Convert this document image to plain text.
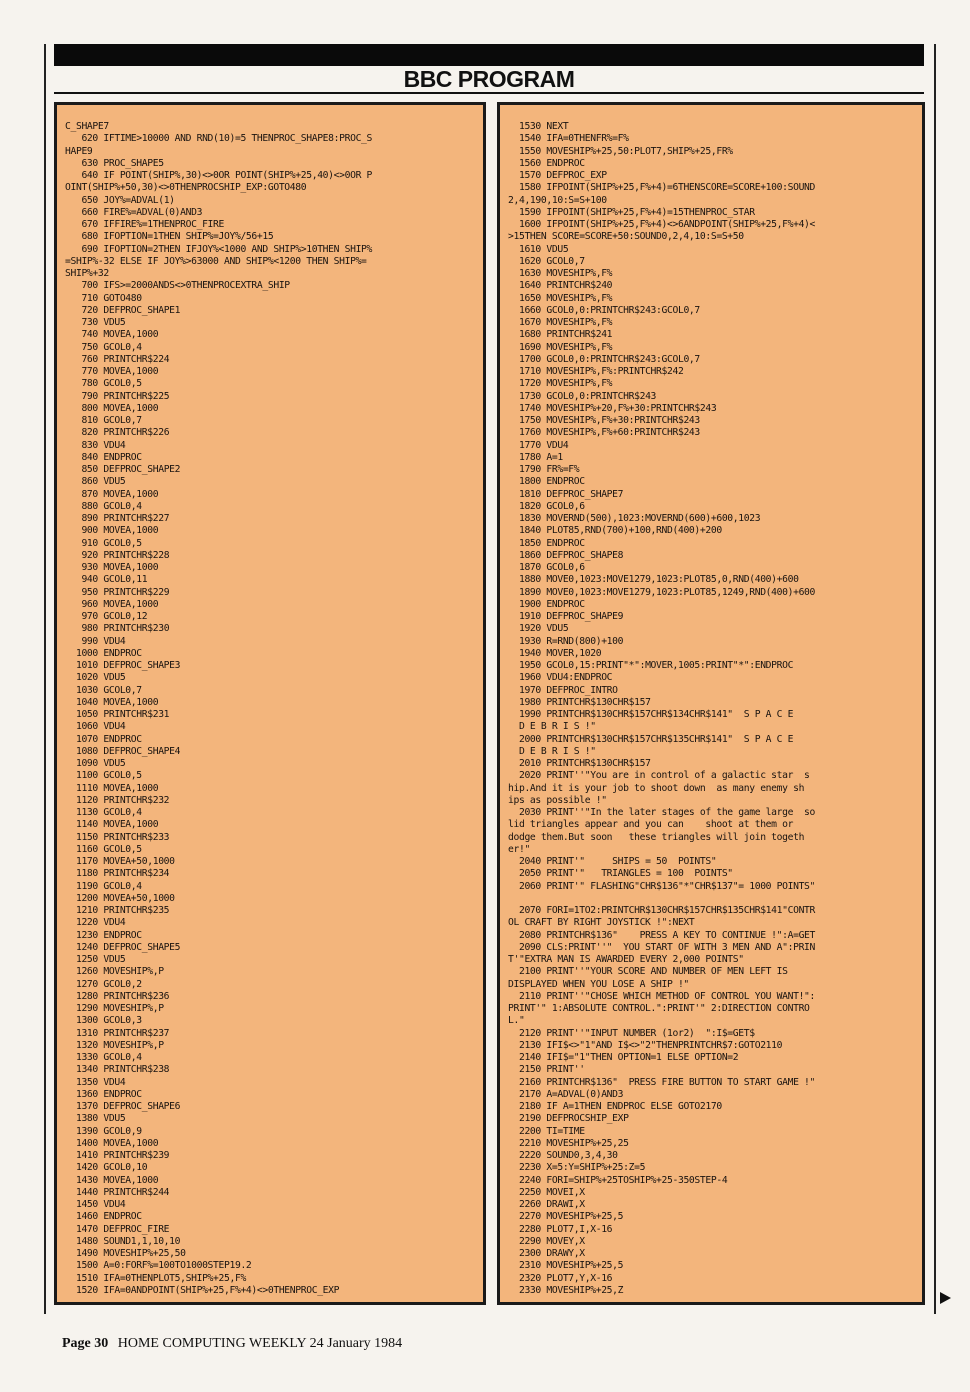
BBC PROGRAM
C_SHAPE7
620 IFTIME>10000 AND RND(10)=5 THENPROC_SHAPE8:PROC_S
HAPE9
630 PROC_SHAPE5
640 IF POINT(SHIP%,30)<>0OR POINT(SHIP%+25,40)<>0OR P
OINT(SHIP%+50,30)<>0THENPROCSHIP_EXP:GOTO480
650 JOY%=ADVAL(1)
660 FIRE%=ADVAL(0)AND3
670 IFFIRE%=1THENPROC_FIRE
680 IFOPTION=1THEN SHIP%=JOY%/56+15
690 IFOPTION=2THEN IFJOY%<1000 AND SHIP%>10THEN SHIP%
=SHIP%-32 ELSE IF JOY%>63000 AND SHIP%<1200 THEN SHIP%=
SHIP%+32
700 IFS>=2000ANDS<>0THENPROCEXTRA_SHIP
710 GOTO480
720 DEFPROC_SHAPE1
730 VDU5
740 MOVEA,1000
750 GCOL0,4
760 PRINTCHR$224
770 MOVEA,1000
780 GCOL0,5
790 PRINTCHR$225
800 MOVEA,1000
810 GCOL0,7
820 PRINTCHR$226
830 VDU4
840 ENDPROC
850 DEFPROC_SHAPE2
860 VDU5
870 MOVEA,1000
880 GCOL0,4
890 PRINTCHR$227
900 MOVEA,1000
910 GCOL0,5
920 PRINTCHR$228
930 MOVEA,1000
940 GCOL0,11
950 PRINTCHR$229
960 MOVEA,1000
970 GCOL0,12
980 PRINTCHR$230
990 VDU4
1000 ENDPROC
1010 DEFPROC_SHAPE3
1020 VDU5
1030 GCOL0,7
1040 MOVEA,1000
1050 PRINTCHR$231
1060 VDU4
1070 ENDPROC
1080 DEFPROC_SHAPE4
1090 VDU5
1100 GCOL0,5
1110 MOVEA,1000
1120 PRINTCHR$232
1130 GCOL0,4
1140 MOVEA,1000
1150 PRINTCHR$233
1160 GCOL0,5
1170 MOVEA+50,1000
1180 PRINTCHR$234
1190 GCOL0,4
1200 MOVEA+50,1000
1210 PRINTCHR$235
1220 VDU4
1230 ENDPROC
1240 DEFPROC_SHAPE5
1250 VDU5
1260 MOVESHIP%,P
1270 GCOL0,2
1280 PRINTCHR$236
1290 MOVESHIP%,P
1300 GCOL0,3
1310 PRINTCHR$237
1320 MOVESHIP%,P
1330 GCOL0,4
1340 PRINTCHR$238
1350 VDU4
1360 ENDPROC
1370 DEFPROC_SHAPE6
1380 VDU5
1390 GCOL0,9
1400 MOVEA,1000
1410 PRINTCHR$239
1420 GCOL0,10
1430 MOVEA,1000
1440 PRINTCHR$244
1450 VDU4
1460 ENDPROC
1470 DEFPROC_FIRE
1480 SOUND1,1,10,10
1490 MOVESHIP%+25,50
1500 A=0:FORF%=100TO1000STEP19.2
1510 IFA=0THENPLOT5,SHIP%+25,F%
1520 IFA=0ANDPOINT(SHIP%+25,F%+4)<>0THENPROC_EXP
1530 NEXT
1540 IFA=0THENFR%=F%
1550 MOVESHIP%+25,50:PLOT7,SHIP%+25,FR%
1560 ENDPROC
1570 DEFPROC_EXP
1580 IFPOINT(SHIP%+25,F%+4)=6THENSCORE=SCORE+100:SOUND
2,4,190,10:S=S+100
1590 IFPOINT(SHIP%+25,F%+4)=15THENPROC_STAR
1600 IFPOINT(SHIP%+25,F%+4)<>6ANDPOINT(SHIP%+25,F%+4)<
>15THEN SCORE=SCORE+50:SOUND0,2,4,10:S=S+50
1610 VDU5
1620 GCOL0,7
1630 MOVESHIP%,F%
1640 PRINTCHR$240
1650 MOVESHIP%,F%
1660 GCOL0,0:PRINTCHR$243:GCOL0,7
1670 MOVESHIP%,F%
1680 PRINTCHR$241
1690 MOVESHIP%,F%
1700 GCOL0,0:PRINTCHR$243:GCOL0,7
1710 MOVESHIP%,F%:PRINTCHR$242
1720 MOVESHIP%,F%
1730 GCOL0,0:PRINTCHR$243
1740 MOVESHIP%+20,F%+30:PRINTCHR$243
1750 MOVESHIP%,F%+30:PRINTCHR$243
1760 MOVESHIP%,F%+60:PRINTCHR$243
1770 VDU4
1780 A=1
1790 FR%=F%
1800 ENDPROC
1810 DEFPROC_SHAPE7
1820 GCOL0,6
1830 MOVERND(500),1023:MOVERND(600)+600,1023
1840 PLOT85,RND(700)+100,RND(400)+200
1850 ENDPROC
1860 DEFPROC_SHAPE8
1870 GCOL0,6
1880 MOVE0,1023:MOVE1279,1023:PLOT85,0,RND(400)+600
1890 MOVE0,1023:MOVE1279,1023:PLOT85,1249,RND(400)+600
1900 ENDPROC
1910 DEFPROC_SHAPE9
1920 VDU5
1930 R=RND(800)+100
1940 MOVER,1020
1950 GCOL0,15:PRINT"*":MOVER,1005:PRINT"*":ENDPROC
1960 VDU4:ENDPROC
1970 DEFPROC_INTRO
1980 PRINTCHR$130CHR$157
1990 PRINTCHR$130CHR$157CHR$134CHR$141"  S P A C E
D E B R I S !"
2000 PRINTCHR$130CHR$157CHR$135CHR$141"  S P A C E
D E B R I S !"
2010 PRINTCHR$130CHR$157
2020 PRINT''"You are in control of a galactic star  s
hip.And it is your job to shoot down  as many enemy sh
ips as possible !"
2030 PRINT''"In the later stages of the game large  so
lid triangles appear and you can    shoot at them or
dodge them.But soon   these triangles will join togeth
er!"
2040 PRINT'"     SHIPS = 50  POINTS"
2050 PRINT'"   TRIANGLES = 100  POINTS"
2060 PRINT'" FLASHING"CHR$136"*"CHR$137"= 1000 POINTS"

2070 FORI=1TO2:PRINTCHR$130CHR$157CHR$135CHR$141"CONTR
OL CRAFT BY RIGHT JOYSTICK !":NEXT
2080 PRINTCHR$136"    PRESS A KEY TO CONTINUE !":A=GET
2090 CLS:PRINT''"  YOU START OF WITH 3 MEN AND A":PRIN
T'"EXTRA MAN IS AWARDED EVERY 2,000 POINTS"
2100 PRINT''"YOUR SCORE AND NUMBER OF MEN LEFT IS
DISPLAYED WHEN YOU LOSE A SHIP !"
2110 PRINT''"CHOSE WHICH METHOD OF CONTROL YOU WANT!":
PRINT'" 1:ABSOLUTE CONTROL.":PRINT'" 2:DIRECTION CONTRO
L."
2120 PRINT''"INPUT NUMBER (1or2)  ":I$=GET$
2130 IFI$<>"1"AND I$<>"2"THENPRINTCHR$7:GOTO2110
2140 IFI$="1"THEN OPTION=1 ELSE OPTION=2
2150 PRINT''
2160 PRINTCHR$136"  PRESS FIRE BUTTON TO START GAME !"
2170 A=ADVAL(0)AND3
2180 IF A=1THEN ENDPROC ELSE GOTO2170
2190 DEFPROCSHIP_EXP
2200 TI=TIME
2210 MOVESHIP%+25,25
2220 SOUND0,3,4,30
2230 X=5:Y=SHIP%+25:Z=5
2240 FORI=SHIP%+25TOSHIP%+25-350STEP-4
2250 MOVEI,X
2260 DRAWI,X
2270 MOVESHIP%+25,5
2280 PLOT7,I,X-16
2290 MOVEY,X
2300 DRAWY,X
2310 MOVESHIP%+25,5
2320 PLOT7,Y,X-16
2330 MOVESHIP%+25,Z
Page 30 HOME COMPUTING WEEKLY 24 January 1984
